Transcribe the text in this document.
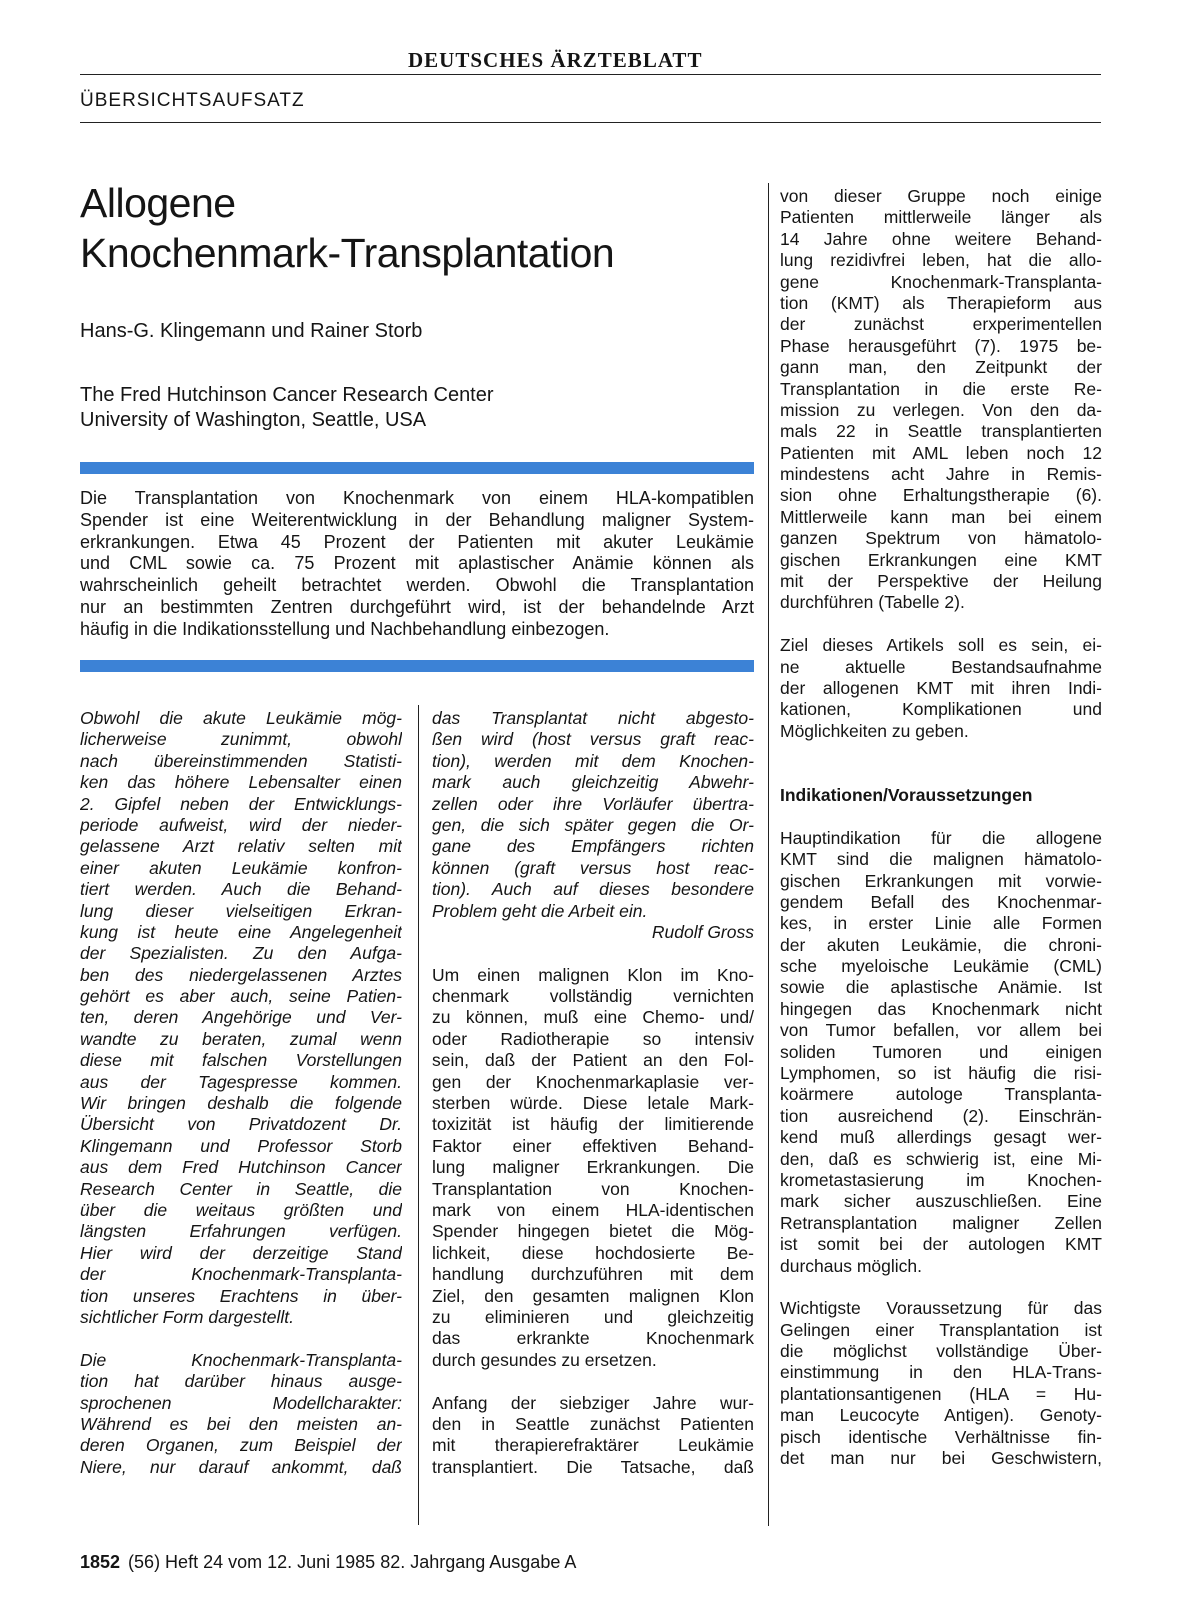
DEUTSCHES ÄRZTEBLATT
ÜBERSICHTSAUFSATZ
Allogene
Knochenmark-Transplantation
Hans-G. Klingemann und Rainer Storb
The Fred Hutchinson Cancer Research Center
University of Washington, Seattle, USA
Die Transplantation von Knochenmark von einem HLA-kompatiblen
Spender ist eine Weiterentwicklung in der Behandlung maligner System-
erkrankungen. Etwa 45 Prozent der Patienten mit akuter Leukämie
und CML sowie ca. 75 Prozent mit aplastischer Anämie können als
wahrscheinlich geheilt betrachtet werden. Obwohl die Transplantation
nur an bestimmten Zentren durchgeführt wird, ist der behandelnde Arzt
häufig in die Indikationsstellung und Nachbehandlung einbezogen.
Obwohl die akute Leukämie mög-
licherweise zunimmt, obwohl
nach übereinstimmenden Statisti-
ken das höhere Lebensalter einen
2. Gipfel neben der Entwicklungs-
periode aufweist, wird der nieder-
gelassene Arzt relativ selten mit
einer akuten Leukämie konfron-
tiert werden. Auch die Behand-
lung dieser vielseitigen Erkran-
kung ist heute eine Angelegenheit
der Spezialisten. Zu den Aufga-
ben des niedergelassenen Arztes
gehört es aber auch, seine Patien-
ten, deren Angehörige und Ver-
wandte zu beraten, zumal wenn
diese mit falschen Vorstellungen
aus der Tagespresse kommen.
Wir bringen deshalb die folgende
Übersicht von Privatdozent Dr.
Klingemann und Professor Storb
aus dem Fred Hutchinson Cancer
Research Center in Seattle, die
über die weitaus größten und
längsten Erfahrungen verfügen.
Hier wird der derzeitige Stand
der Knochenmark-Transplanta-
tion unseres Erachtens in über-
sichtlicher Form dargestellt.
Die Knochenmark-Transplanta-
tion hat darüber hinaus ausge-
sprochenen Modellcharakter:
Während es bei den meisten an-
deren Organen, zum Beispiel der
Niere, nur darauf ankommt, daß
das Transplantat nicht abgesto-
ßen wird (host versus graft reac-
tion), werden mit dem Knochen-
mark auch gleichzeitig Abwehr-
zellen oder ihre Vorläufer übertra-
gen, die sich später gegen die Or-
gane des Empfängers richten
können (graft versus host reac-
tion). Auch auf dieses besondere
Problem geht die Arbeit ein.
Rudolf Gross
Um einen malignen Klon im Kno-
chenmark vollständig vernichten
zu können, muß eine Chemo- und/
oder Radiotherapie so intensiv
sein, daß der Patient an den Fol-
gen der Knochenmarkaplasie ver-
sterben würde. Diese letale Mark-
toxizität ist häufig der limitierende
Faktor einer effektiven Behand-
lung maligner Erkrankungen. Die
Transplantation von Knochen-
mark von einem HLA-identischen
Spender hingegen bietet die Mög-
lichkeit, diese hochdosierte Be-
handlung durchzuführen mit dem
Ziel, den gesamten malignen Klon
zu eliminieren und gleichzeitig
das erkrankte Knochenmark
durch gesundes zu ersetzen.
Anfang der siebziger Jahre wur-
den in Seattle zunächst Patienten
mit therapierefraktärer Leukämie
transplantiert. Die Tatsache, daß
von dieser Gruppe noch einige
Patienten mittlerweile länger als
14 Jahre ohne weitere Behand-
lung rezidivfrei leben, hat die allo-
gene Knochenmark-Transplanta-
tion (KMT) als Therapieform aus
der zunächst erxperimentellen
Phase herausgeführt (7). 1975 be-
gann man, den Zeitpunkt der
Transplantation in die erste Re-
mission zu verlegen. Von den da-
mals 22 in Seattle transplantierten
Patienten mit AML leben noch 12
mindestens acht Jahre in Remis-
sion ohne Erhaltungstherapie (6).
Mittlerweile kann man bei einem
ganzen Spektrum von hämatolo-
gischen Erkrankungen eine KMT
mit der Perspektive der Heilung
durchführen (Tabelle 2).
Ziel dieses Artikels soll es sein, ei-
ne aktuelle Bestandsaufnahme
der allogenen KMT mit ihren Indi-
kationen, Komplikationen und
Möglichkeiten zu geben.
Indikationen/Voraussetzungen
Hauptindikation für die allogene
KMT sind die malignen hämatolo-
gischen Erkrankungen mit vorwie-
gendem Befall des Knochenmar-
kes, in erster Linie alle Formen
der akuten Leukämie, die chroni-
sche myeloische Leukämie (CML)
sowie die aplastische Anämie. Ist
hingegen das Knochenmark nicht
von Tumor befallen, vor allem bei
soliden Tumoren und einigen
Lymphomen, so ist häufig die risi-
koärmere autologe Transplanta-
tion ausreichend (2). Einschrän-
kend muß allerdings gesagt wer-
den, daß es schwierig ist, eine Mi-
krometastasierung im Knochen-
mark sicher auszuschließen. Eine
Retransplantation maligner Zellen
ist somit bei der autologen KMT
durchaus möglich.
Wichtigste Voraussetzung für das
Gelingen einer Transplantation ist
die möglichst vollständige Über-
einstimmung in den HLA-Trans-
plantationsantigenen (HLA = Hu-
man Leucocyte Antigen). Genoty-
pisch identische Verhältnisse fin-
det man nur bei Geschwistern,
1852 (56) Heft 24 vom 12. Juni 1985 82. Jahrgang Ausgabe A
